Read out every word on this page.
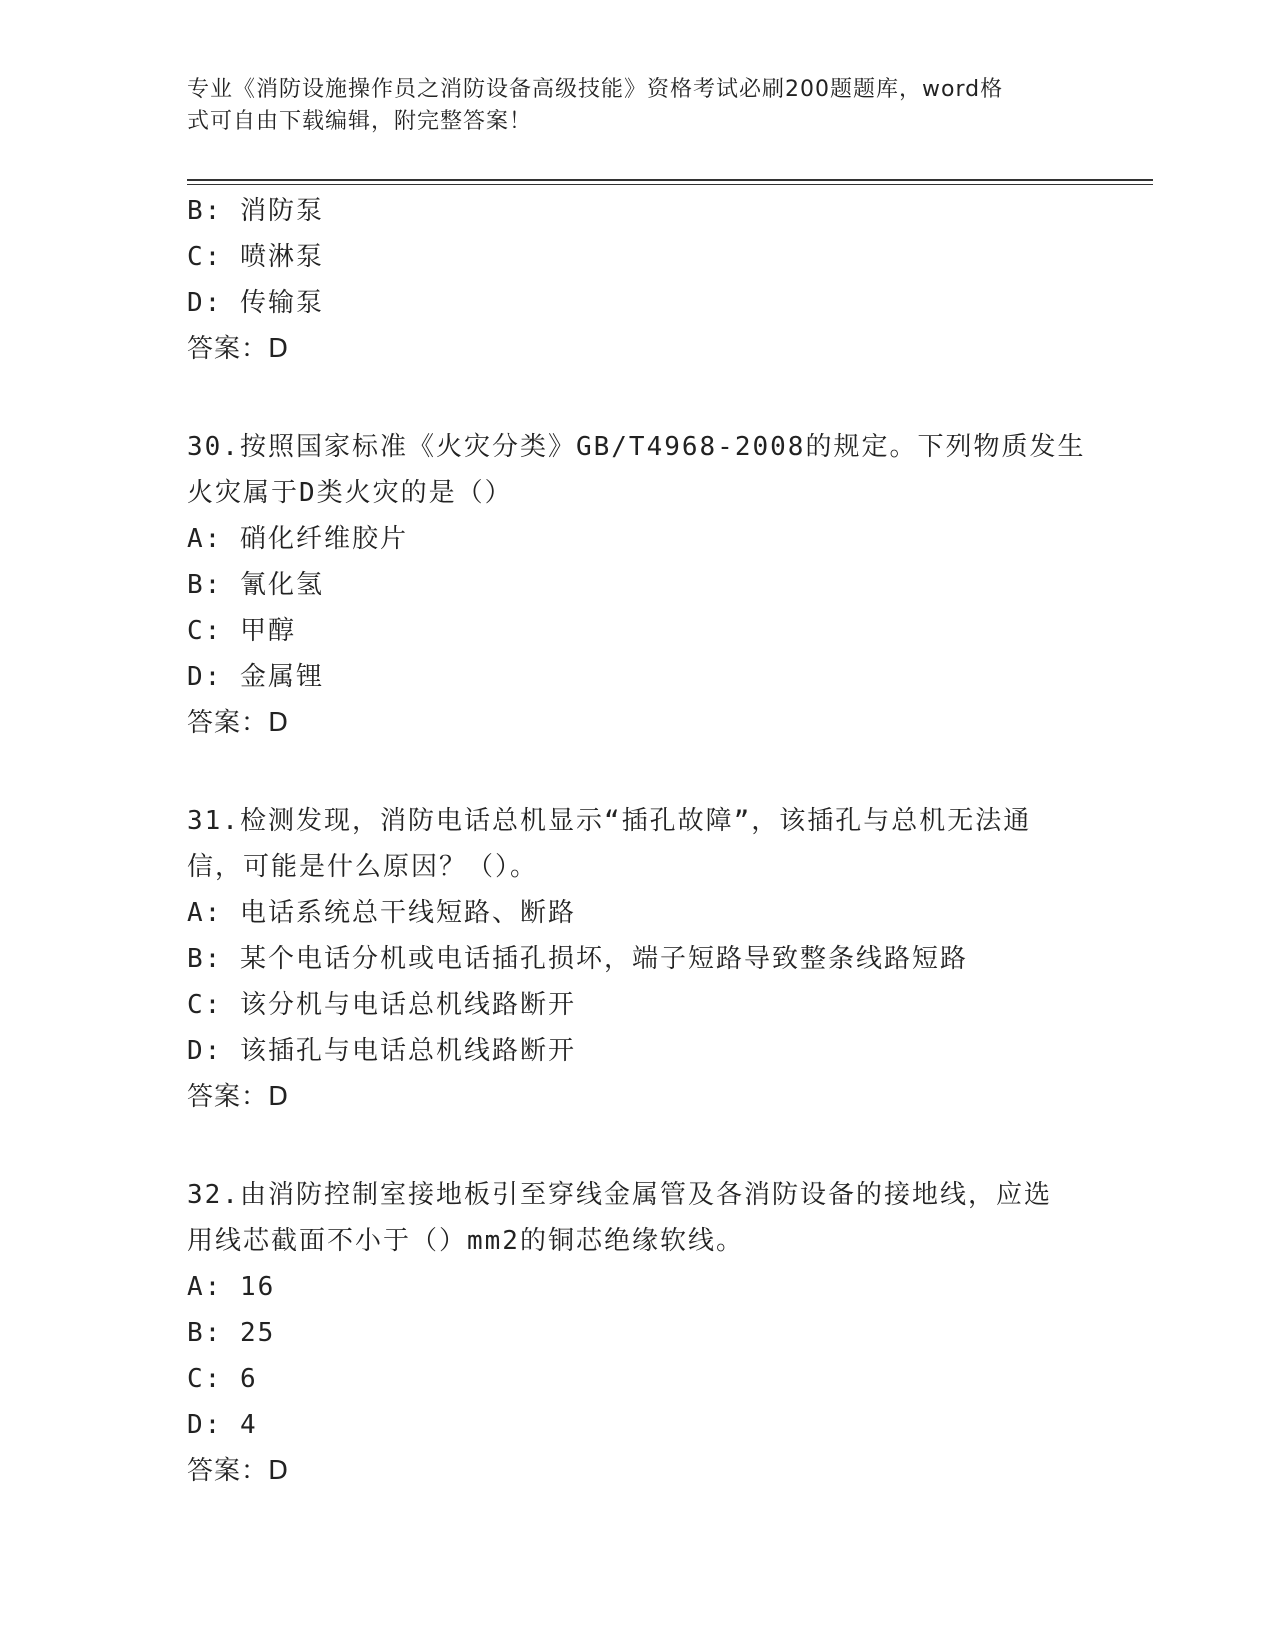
专业《消防设施操作员之消防设备高级技能》资格考试必刷200题题库，word格
式可自由下载编辑，附完整答案！
B: 消防泵
C: 喷淋泵
D: 传输泵
答案：D
30.按照国家标准《火灾分类》GB/T4968-2008的规定。下列物质发生
火灾属于D类火灾的是（）
A: 硝化纤维胶片
B: 氰化氢
C: 甲醇
D: 金属锂
答案：D
31.检测发现，消防电话总机显示“插孔故障”，该插孔与总机无法通
信，可能是什么原因？（）。
A: 电话系统总干线短路、断路
B: 某个电话分机或电话插孔损坏，端子短路导致整条线路短路
C: 该分机与电话总机线路断开
D: 该插孔与电话总机线路断开
答案：D
32.由消防控制室接地板引至穿线金属管及各消防设备的接地线，应选
用线芯截面不小于（）mm2的铜芯绝缘软线。
A: 16
B: 25
C: 6
D: 4
答案：D
